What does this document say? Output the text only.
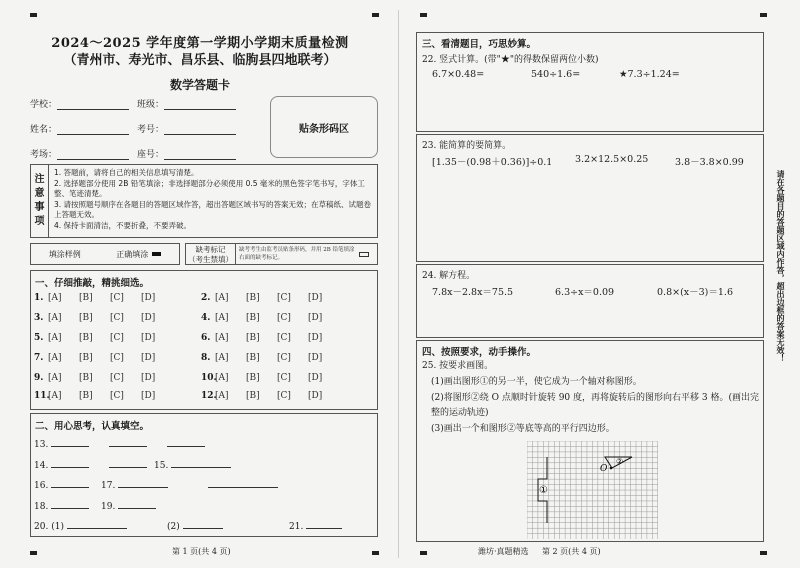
2024～2025 学年度第一学期小学期末质量检测
（青州市、寿光市、昌乐县、临朐县四地联考）
数学答题卡
学校：	班级：
姓名：	考号：
考场：	座号：
贴条形码区
注
意
事
项
1. 答题前，请将自己的相关信息填写清楚。
2. 选择题部分使用 2B 铅笔填涂；非选择题部分必须使用 0.5 毫米的黑色签字笔书写，字体工整、笔迹清楚。
3. 请按照题号顺序在各题目的答题区域作答，超出答题区域书写的答案无效；在草稿纸、试题卷上答题无效。
4. 保持卡面清洁，不要折叠，不要弄破。
填涂样例	正确填涂	缺考标记
（考生禁填）
缺考考生由监考员贴条形码，并用 2B 铅笔填涂右面的缺考标记。
一、仔细推敲，精挑细选。
1. [A] [B] [C] [D]	2. [A] [B] [C] [D]
3. [A] [B] [C] [D]	4. [A] [B] [C] [D]
5. [A] [B] [C] [D]	6. [A] [B] [C] [D]
7. [A] [B] [C] [D]	8. [A] [B] [C] [D]
9. [A] [B] [C] [D]	10.[A] [B] [C] [D]
11.[A] [B] [C] [D]	12.[A] [B] [C] [D]
二、用心思考，认真填空。
13.
14.	15.
16.	17.
18.	19.
20. (1)	(2)	21.
第 1 页(共 4 页)
三、看清题目，巧思妙算。
22. 竖式计算。(带"★"的得数保留两位小数)
6.7×0.48=	540÷1.6=	★7.3÷1.24=
23. 能简算的要简算。
[1.35－(0.98＋0.36)]÷0.1 3.2×12.5×0.25	3.8－3.8×0.99
24. 解方程。
7.8x－2.8x＝75.5	6.3÷x＝0.09	0.8×(x－3)＝1.6
四、按照要求，动手操作。
25. 按要求画图。
(1)画出图形①的另一半，使它成为一个轴对称图形。
(2)将图形②绕 O 点顺时针旋转 90 度，再将旋转后的图形向右平移 3 格。(画出完
整的运动轨迹)
(3)画出一个和图形②等底等高的平行四边形。
①
②
O
请在各题目的答题区域内作答，超出边框的答案无效！
潍坊·真题精选 第 2 页(共 4 页)
